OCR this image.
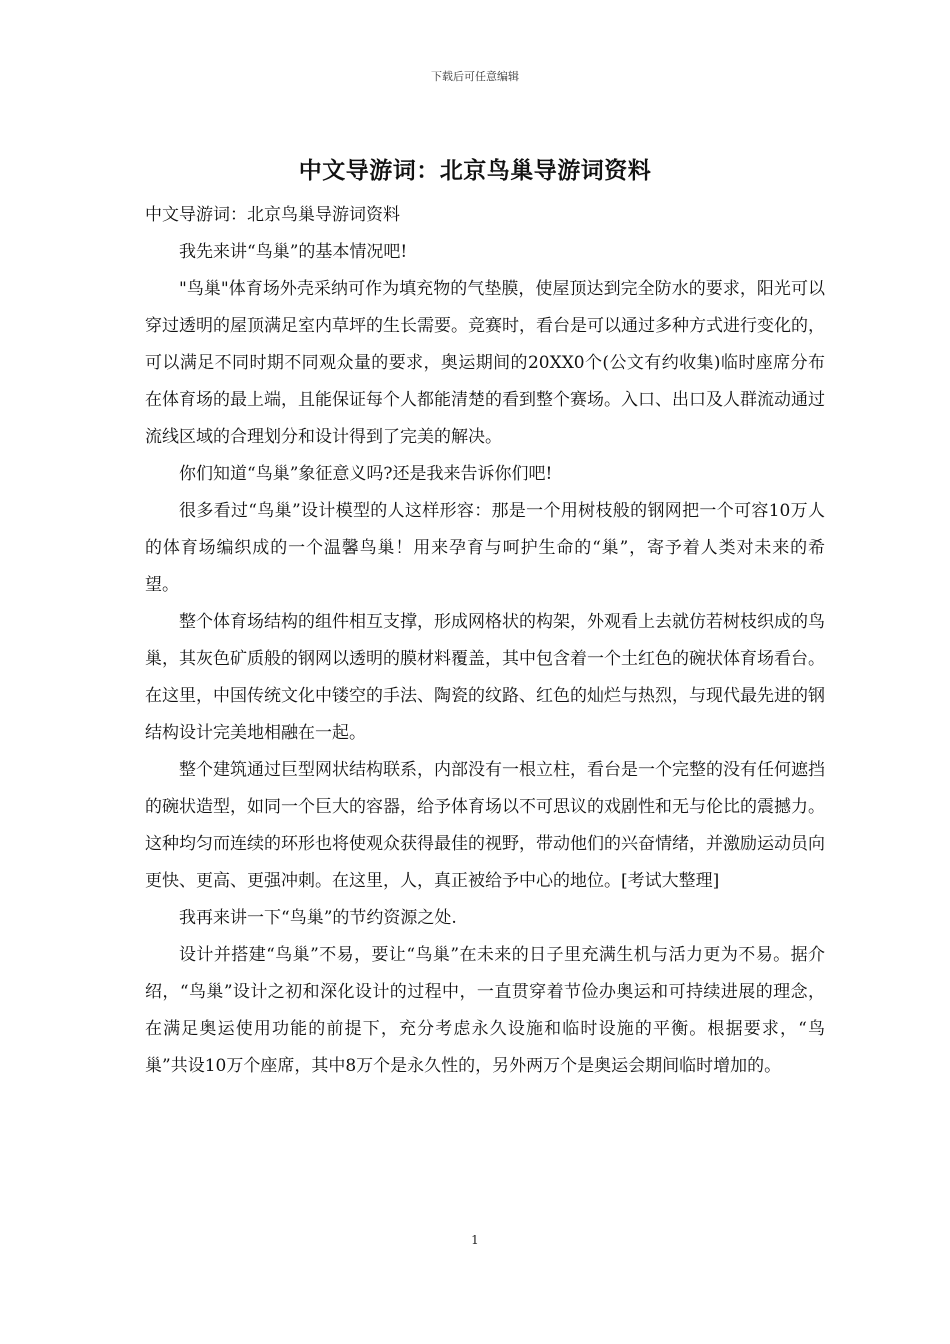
下载后可任意编辑
中文导游词：北京鸟巢导游词资料

中文导游词：北京鸟巢导游词资料

我先来讲“鸟巢”的基本情况吧!

"鸟巢"体育场外壳采纳可作为填充物的气垫膜，使屋顶达到完全防水的要求，阳光可以穿过透明的屋顶满足室内草坪的生长需要。竞赛时，看台是可以通过多种方式进行变化的，可以满足不同时期不同观众量的要求，奥运期间的20XX0个(公文有约收集)临时座席分布在体育场的最上端，且能保证每个人都能清楚的看到整个赛场。入口、出口及人群流动通过流线区域的合理划分和设计得到了完美的解决。

你们知道“鸟巢”象征意义吗?还是我来告诉你们吧!

很多看过“鸟巢”设计模型的人这样形容：那是一个用树枝般的钢网把一个可容10万人的体育场编织成的一个温馨鸟巢！用来孕育与呵护生命的“巢”，寄予着人类对未来的希望。

整个体育场结构的组件相互支撑，形成网格状的构架，外观看上去就仿若树枝织成的鸟巢，其灰色矿质般的钢网以透明的膜材料覆盖，其中包含着一个土红色的碗状体育场看台。在这里，中国传统文化中镂空的手法、陶瓷的纹路、红色的灿烂与热烈，与现代最先进的钢结构设计完美地相融在一起。

整个建筑通过巨型网状结构联系，内部没有一根立柱，看台是一个完整的没有任何遮挡的碗状造型，如同一个巨大的容器，给予体育场以不可思议的戏剧性和无与伦比的震撼力。这种均匀而连续的环形也将使观众获得最佳的视野，带动他们的兴奋情绪，并激励运动员向更快、更高、更强冲刺。在这里，人，真正被给予中心的地位。[考试大整理]

我再来讲一下“鸟巢”的节约资源之处.

设计并搭建“鸟巢”不易，要让“鸟巢”在未来的日子里充满生机与活力更为不易。据介绍，“鸟巢”设计之初和深化设计的过程中，一直贯穿着节俭办奥运和可持续进展的理念，在满足奥运使用功能的前提下，充分考虑永久设施和临时设施的平衡。根据要求，“鸟巢”共设10万个座席，其中8万个是永久性的，另外两万个是奥运会期间临时增加的。

1
